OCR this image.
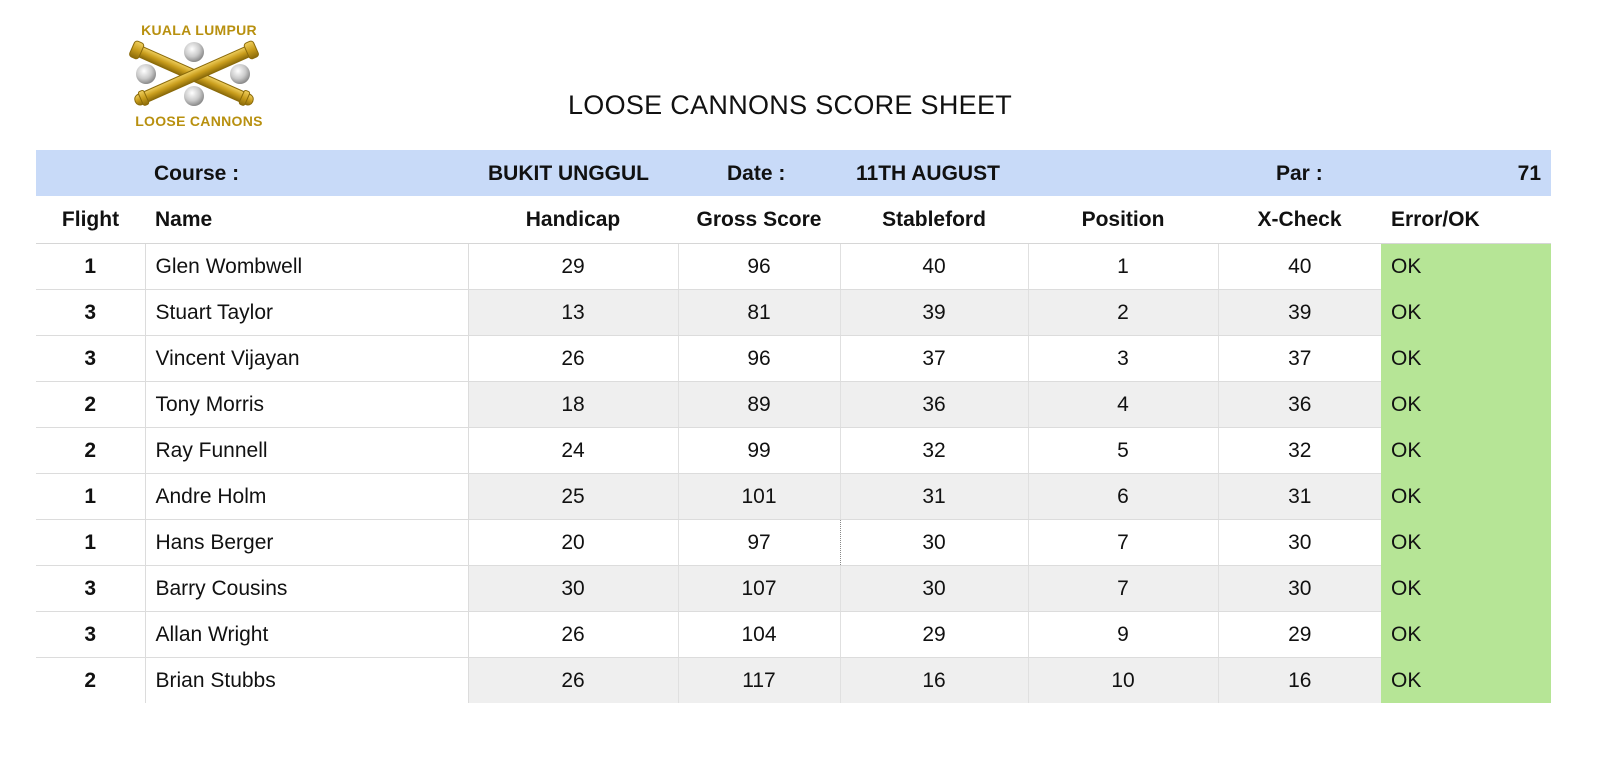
KUALA LUMPUR
LOOSE CANNONS
LOOSE CANNONS SCORE SHEET
Course :	BUKIT UNGGUL	Date :	11TH AUGUST	Par :	71
Flight	Name	Handicap	Gross Score	Stableford	Position	X-Check	Error/OK
1	Glen Wombwell	29	96	40	1	40	OK
3	Stuart Taylor	13	81	39	2	39	OK
3	Vincent Vijayan	26	96	37	3	37	OK
2	Tony Morris	18	89	36	4	36	OK
2	Ray Funnell	24	99	32	5	32	OK
1	Andre Holm	25	101	31	6	31	OK
1	Hans Berger	20	97	30	7	30	OK
3	Barry Cousins	30	107	30	7	30	OK
3	Allan Wright	26	104	29	9	29	OK
2	Brian Stubbs	26	117	16	10	16	OK
